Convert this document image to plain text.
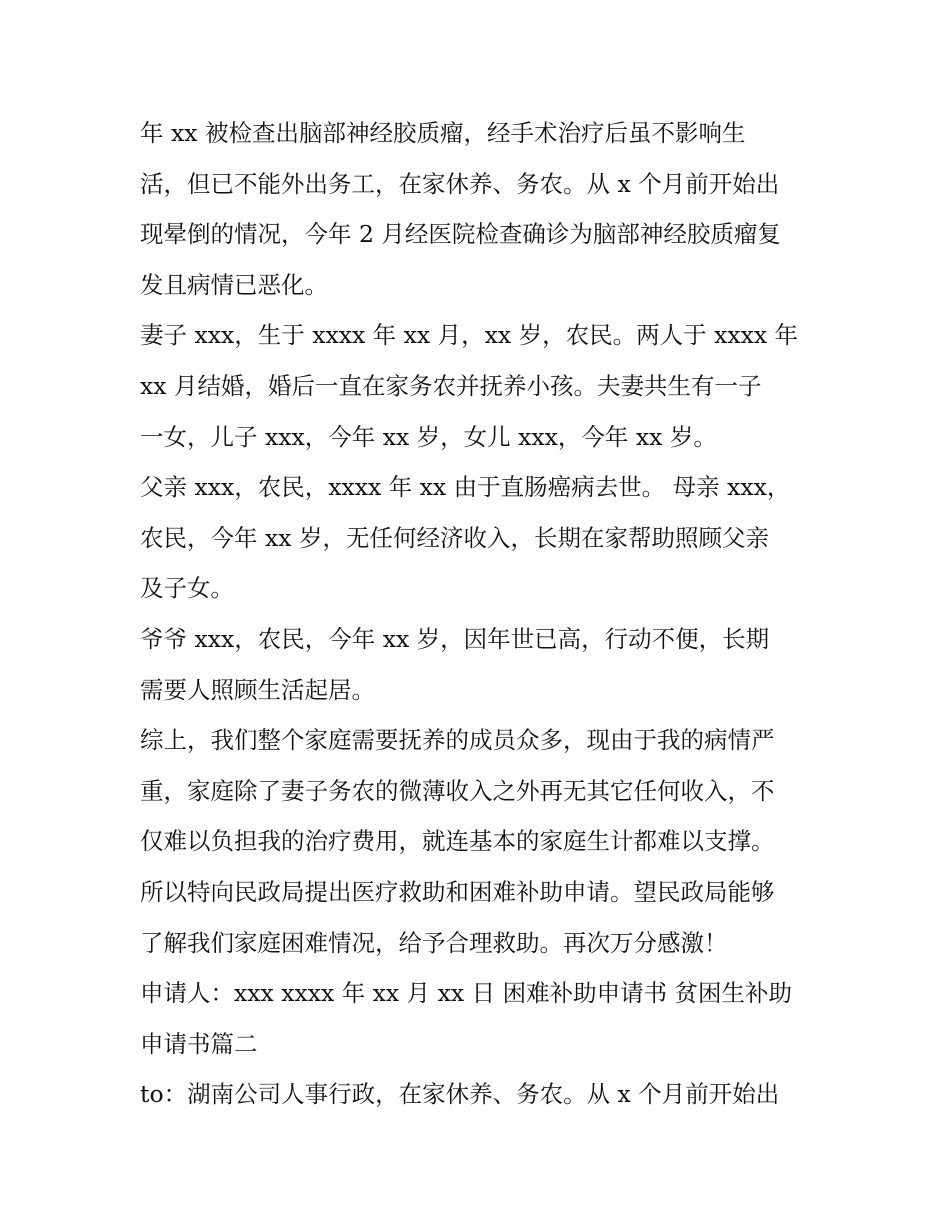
年 xx 被检查出脑部神经胶质瘤，经手术治疗后虽不影响生
活，但已不能外出务工，在家休养、务农。从 x 个月前开始出
现晕倒的情况，今年 2 月经医院检查确诊为脑部神经胶质瘤复
发且病情已恶化。
妻子 xxx，生于 xxxx 年 xx 月，xx 岁，农民。两人于 xxxx 年
xx 月结婚，婚后一直在家务农并抚养小孩。夫妻共生有一子
一女，儿子 xxx，今年 xx 岁，女儿 xxx，今年 xx 岁。
父亲 xxx，农民，xxxx 年 xx 由于直肠癌病去世。 母亲 xxx，
农民，今年 xx 岁，无任何经济收入，长期在家帮助照顾父亲
及子女。
爷爷 xxx，农民，今年 xx 岁，因年世已高，行动不便，长期
需要人照顾生活起居。
综上，我们整个家庭需要抚养的成员众多，现由于我的病情严
重，家庭除了妻子务农的微薄收入之外再无其它任何收入，不
仅难以负担我的治疗费用，就连基本的家庭生计都难以支撑。
所以特向民政局提出医疗救助和困难补助申请。望民政局能够
了解我们家庭困难情况，给予合理救助。再次万分感激！
申请人：xxx xxxx 年 xx 月 xx 日 困难补助申请书 贫困生补助
申请书篇二
to：湖南公司人事行政，在家休养、务农。从 x 个月前开始出
